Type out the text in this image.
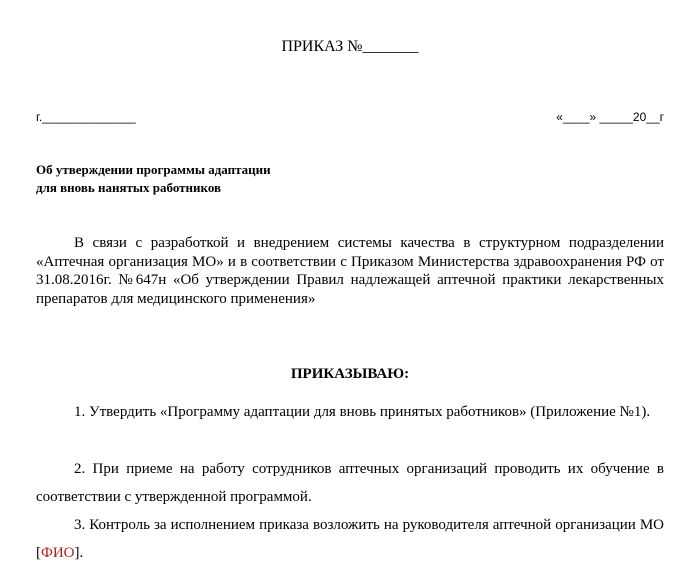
ПРИКАЗ №_______
г.______________	«____» _____20__г
Об утверждении программы адаптации
для вновь нанятых работников
В связи с разработкой и внедрением системы качества в структурном подразделении «Аптечная организация МО» и в соответствии с Приказом Министерства здравоохранения РФ от 31.08.2016г. №647н «Об утверждении Правил надлежащей аптечной практики лекарственных препаратов для медицинского применения»
ПРИКАЗЫВАЮ:
1. Утвердить «Программу адаптации для вновь принятых работников» (Приложение №1).
2. При приеме на работу сотрудников аптечных организаций проводить их обучение в соответствии с утвержденной программой.
3. Контроль за исполнением приказа возложить на руководителя аптечной организации МО [ФИО].
